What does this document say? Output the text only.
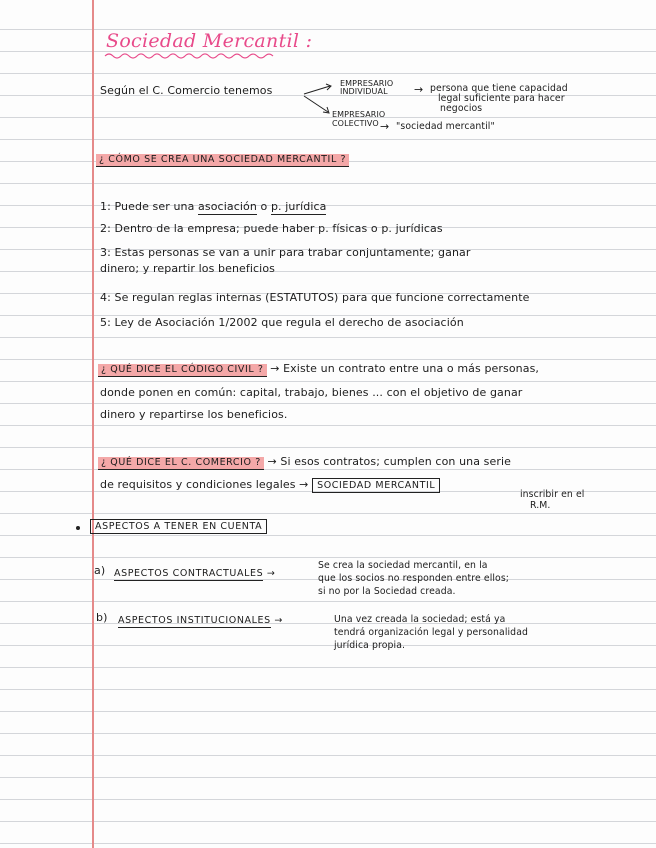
Sociedad Mercantil :
Según el C. Comercio tenemos
EMPRESARIO INDIVIDUAL	→ persona que tiene capacidad
legal suficiente para hacer
negocios
EMPRESARIO COLECTIVO → "sociedad mercantil"
¿ CÓMO SE CREA UNA SOCIEDAD MERCANTIL ?
1: Puede ser una asociación o p. jurídica
2: Dentro de la empresa; puede haber p. físicas o p. jurídicas
3: Estas personas se van a unir para trabar conjuntamente; ganar
dinero; y repartir los beneficios
4: Se regulan reglas internas (ESTATUTOS) para que funcione correctamente
5: Ley de Asociación 1/2002 que regula el derecho de asociación
¿ QUÉ DICE EL CÓDIGO CIVIL ? → Existe un contrato entre una o más personas,
donde ponen en común: capital, trabajo, bienes ... con el objetivo de ganar
dinero y repartirse los beneficios.
¿ QUÉ DICE EL C. COMERCIO ? → Si esos contratos; cumplen con una serie
de requisitos y condiciones legales → SOCIEDAD MERCANTIL
inscribir en el
R.M.
ASPECTOS A TENER EN CUENTA
a) ASPECTOS CONTRACTUALES →
Se crea la sociedad mercantil, en la
que los socios no responden entre ellos;
si no por la Sociedad creada.
b) ASPECTOS INSTITUCIONALES →	Una vez creada la sociedad; está ya
tendrá organización legal y personalidad
jurídica propia.
